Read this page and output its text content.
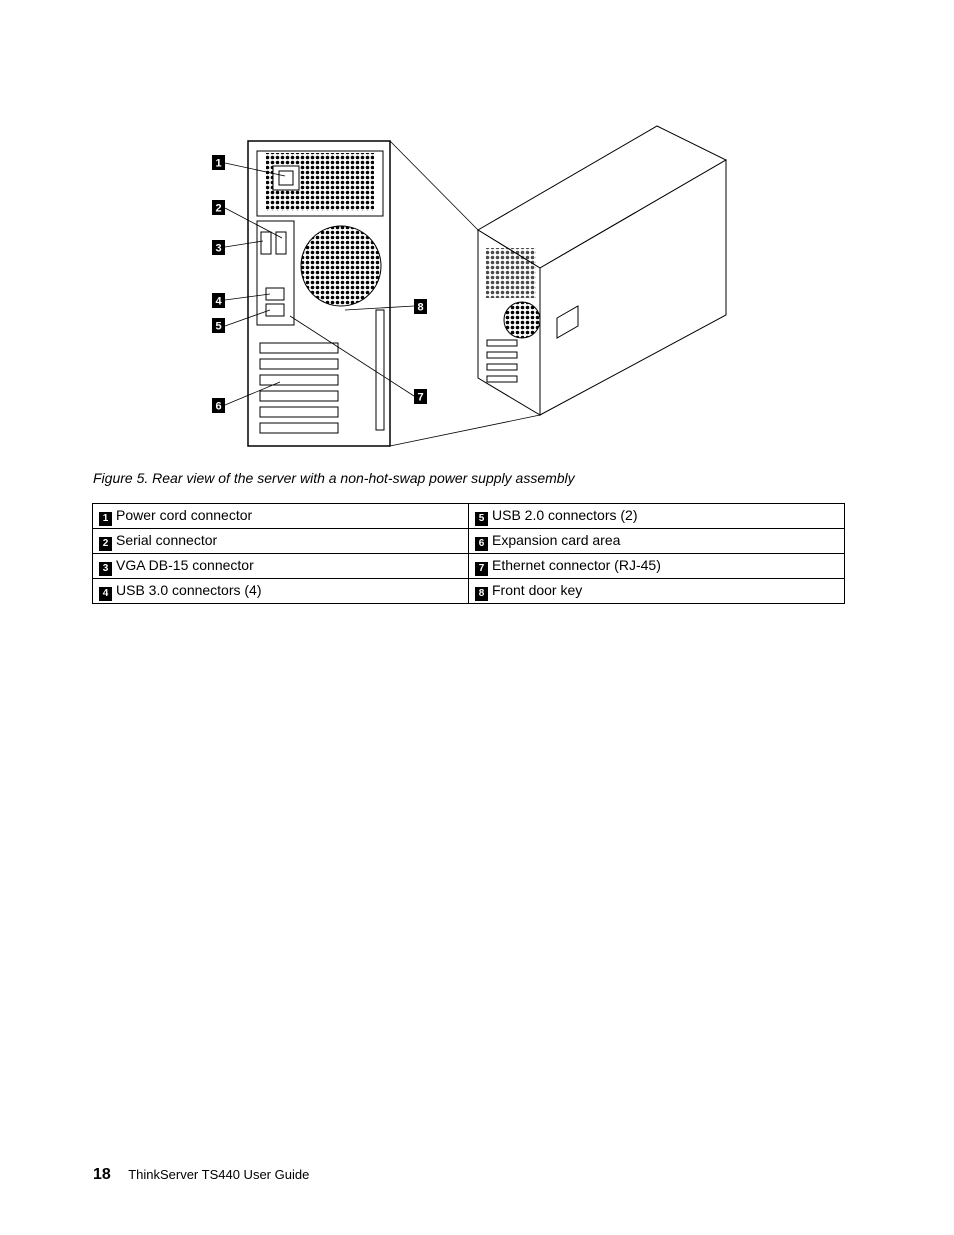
1
2
3
4
5
6
7
8
Figure 5. Rear view of the server with a non-hot-swap power supply assembly
1 Power cord connector	5 USB 2.0 connectors (2)
2 Serial connector	6 Expansion card area
3 VGA DB-15 connector	7 Ethernet connector (RJ-45)
4 USB 3.0 connectors (4)	8 Front door key
18 ThinkServer TS440 User Guide
